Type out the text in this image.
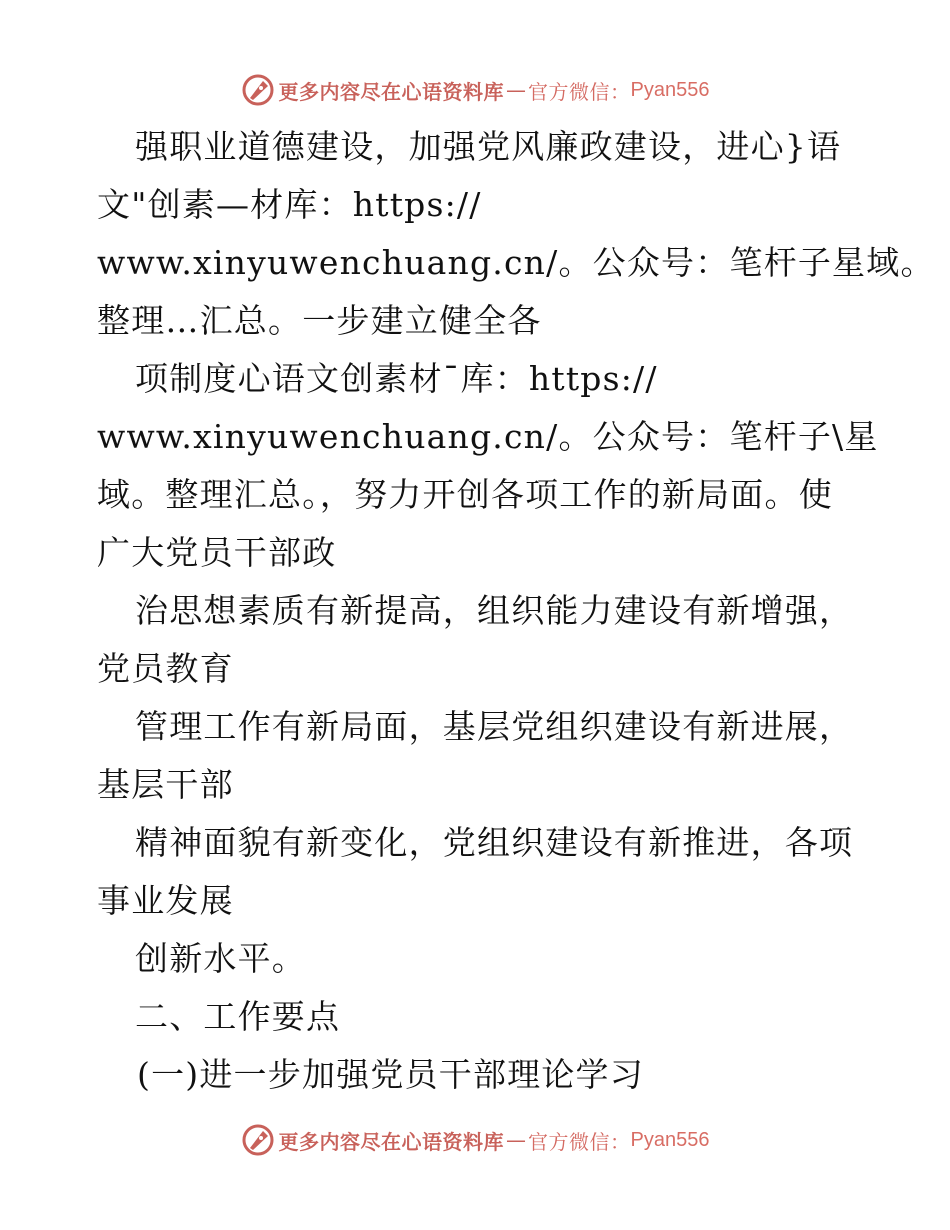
更多内容尽在心语资料库 — 官方微信： Pyan556
强职业道德建设，加强党风廉政建设，进心}语
文"创素—材库：https://
www.xinyuwenchuang.cn/。公众号：笔杆子星域。
整理…汇总。一步建立健全各
项制度心语文创素材¯库：https://
www.xinyuwenchuang.cn/。公众号：笔杆子\星
域。整理汇总。，努力开创各项工作的新局面。使
广大党员干部政
治思想素质有新提高，组织能力建设有新增强，
党员教育
管理工作有新局面，基层党组织建设有新进展，
基层干部
精神面貌有新变化，党组织建设有新推进，各项
事业发展
创新水平。
二、工作要点
(一)进一步加强党员干部理论学习
更多内容尽在心语资料库 — 官方微信： Pyan556
